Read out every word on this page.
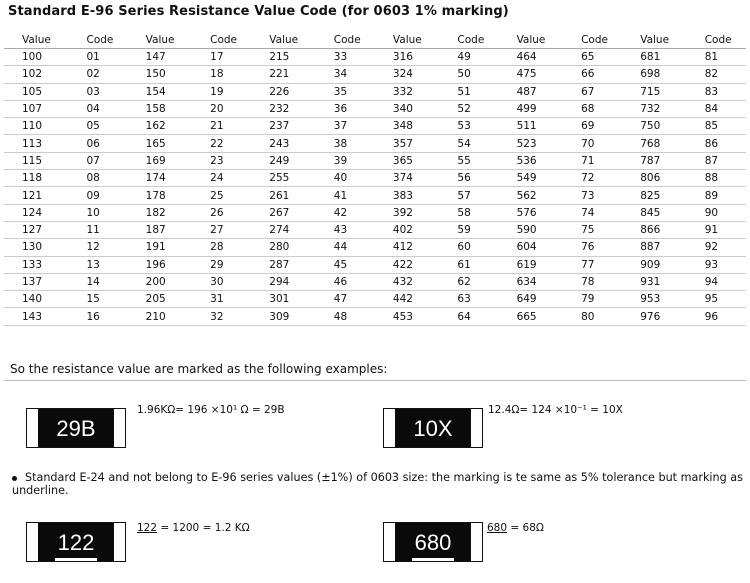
Standard E-96 Series Resistance Value Code (for 0603 1% marking)
Value	Code	Value	Code	Value	Code	Value	Code	Value	Code	Value	Code
100	01	147	17	215	33	316	49	464	65	681	81
102	02	150	18	221	34	324	50	475	66	698	82
105	03	154	19	226	35	332	51	487	67	715	83
107	04	158	20	232	36	340	52	499	68	732	84
110	05	162	21	237	37	348	53	511	69	750	85
113	06	165	22	243	38	357	54	523	70	768	86
115	07	169	23	249	39	365	55	536	71	787	87
118	08	174	24	255	40	374	56	549	72	806	88
121	09	178	25	261	41	383	57	562	73	825	89
124	10	182	26	267	42	392	58	576	74	845	90
127	11	187	27	274	43	402	59	590	75	866	91
130	12	191	28	280	44	412	60	604	76	887	92
133	13	196	29	287	45	422	61	619	77	909	93
137	14	200	30	294	46	432	62	634	78	931	94
140	15	205	31	301	47	442	63	649	79	953	95
143	16	210	32	309	48	453	64	665	80	976	96
So the resistance value are marked as the following examples:
29B
1.96KΩ= 196 ×10¹ Ω = 29B
10X
12.4Ω= 124 ×10⁻¹ = 10X
Standard E-24 and not belong to E-96 series values (±1%) of 0603 size: the marking is te same as 5% tolerance but marking as underline.
122
122 = 1200 = 1.2 KΩ
680
680 = 68Ω
